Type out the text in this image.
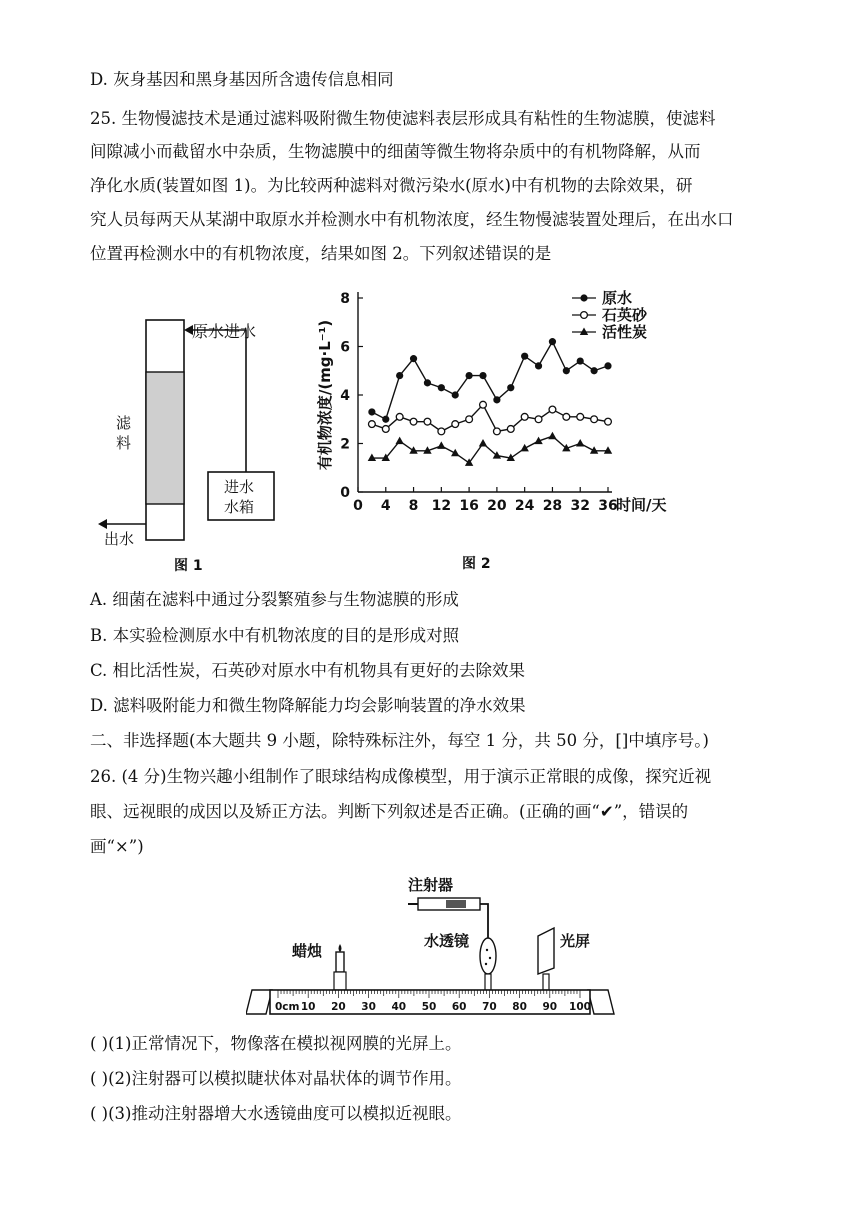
D. 灰身基因和黑身基因所含遗传信息相同
25. 生物慢滤技术是通过滤料吸附微生物使滤料表层形成具有粘性的生物滤膜，使滤料
间隙减小而截留水中杂质，生物滤膜中的细菌等微生物将杂质中的有机物降解，从而
净化水质(装置如图 1)。为比较两种滤料对微污染水(原水)中有机物的去除效果，研
究人员每两天从某湖中取原水并检测水中有机物浓度，经生物慢滤装置处理后，在出水口
位置再检测水中的有机物浓度，结果如图 2。下列叙述错误的是
原水进水
滤
料
进水
水箱
出水
图 1
0
2
4
6
8
0 4 8 12 16 20 24 28 32 36
时间/天
有机物浓度/(mg·L⁻¹)
原水
石英砂
活性炭
图 2
A. 细菌在滤料中通过分裂繁殖参与生物滤膜的形成
B. 本实验检测原水中有机物浓度的目的是形成对照
C. 相比活性炭，石英砂对原水中有机物具有更好的去除效果
D. 滤料吸附能力和微生物降解能力均会影响装置的净水效果
二、非选择题(本大题共 9 小题，除特殊标注外，每空 1 分，共 50 分，[]中填序号。)
26. (4 分)生物兴趣小组制作了眼球结构成像模型，用于演示正常眼的成像，探究近视
眼、远视眼的成因以及矫正方法。判断下列叙述是否正确。(正确的画“✔”，错误的
画“×”)
注射器
水透镜
蜡烛
光屏
0cm 10 20 30 40 50 60 70 80 90 100
( )(1)正常情况下，物像落在模拟视网膜的光屏上。
( )(2)注射器可以模拟睫状体对晶状体的调节作用。
( )(3)推动注射器增大水透镜曲度可以模拟近视眼。
